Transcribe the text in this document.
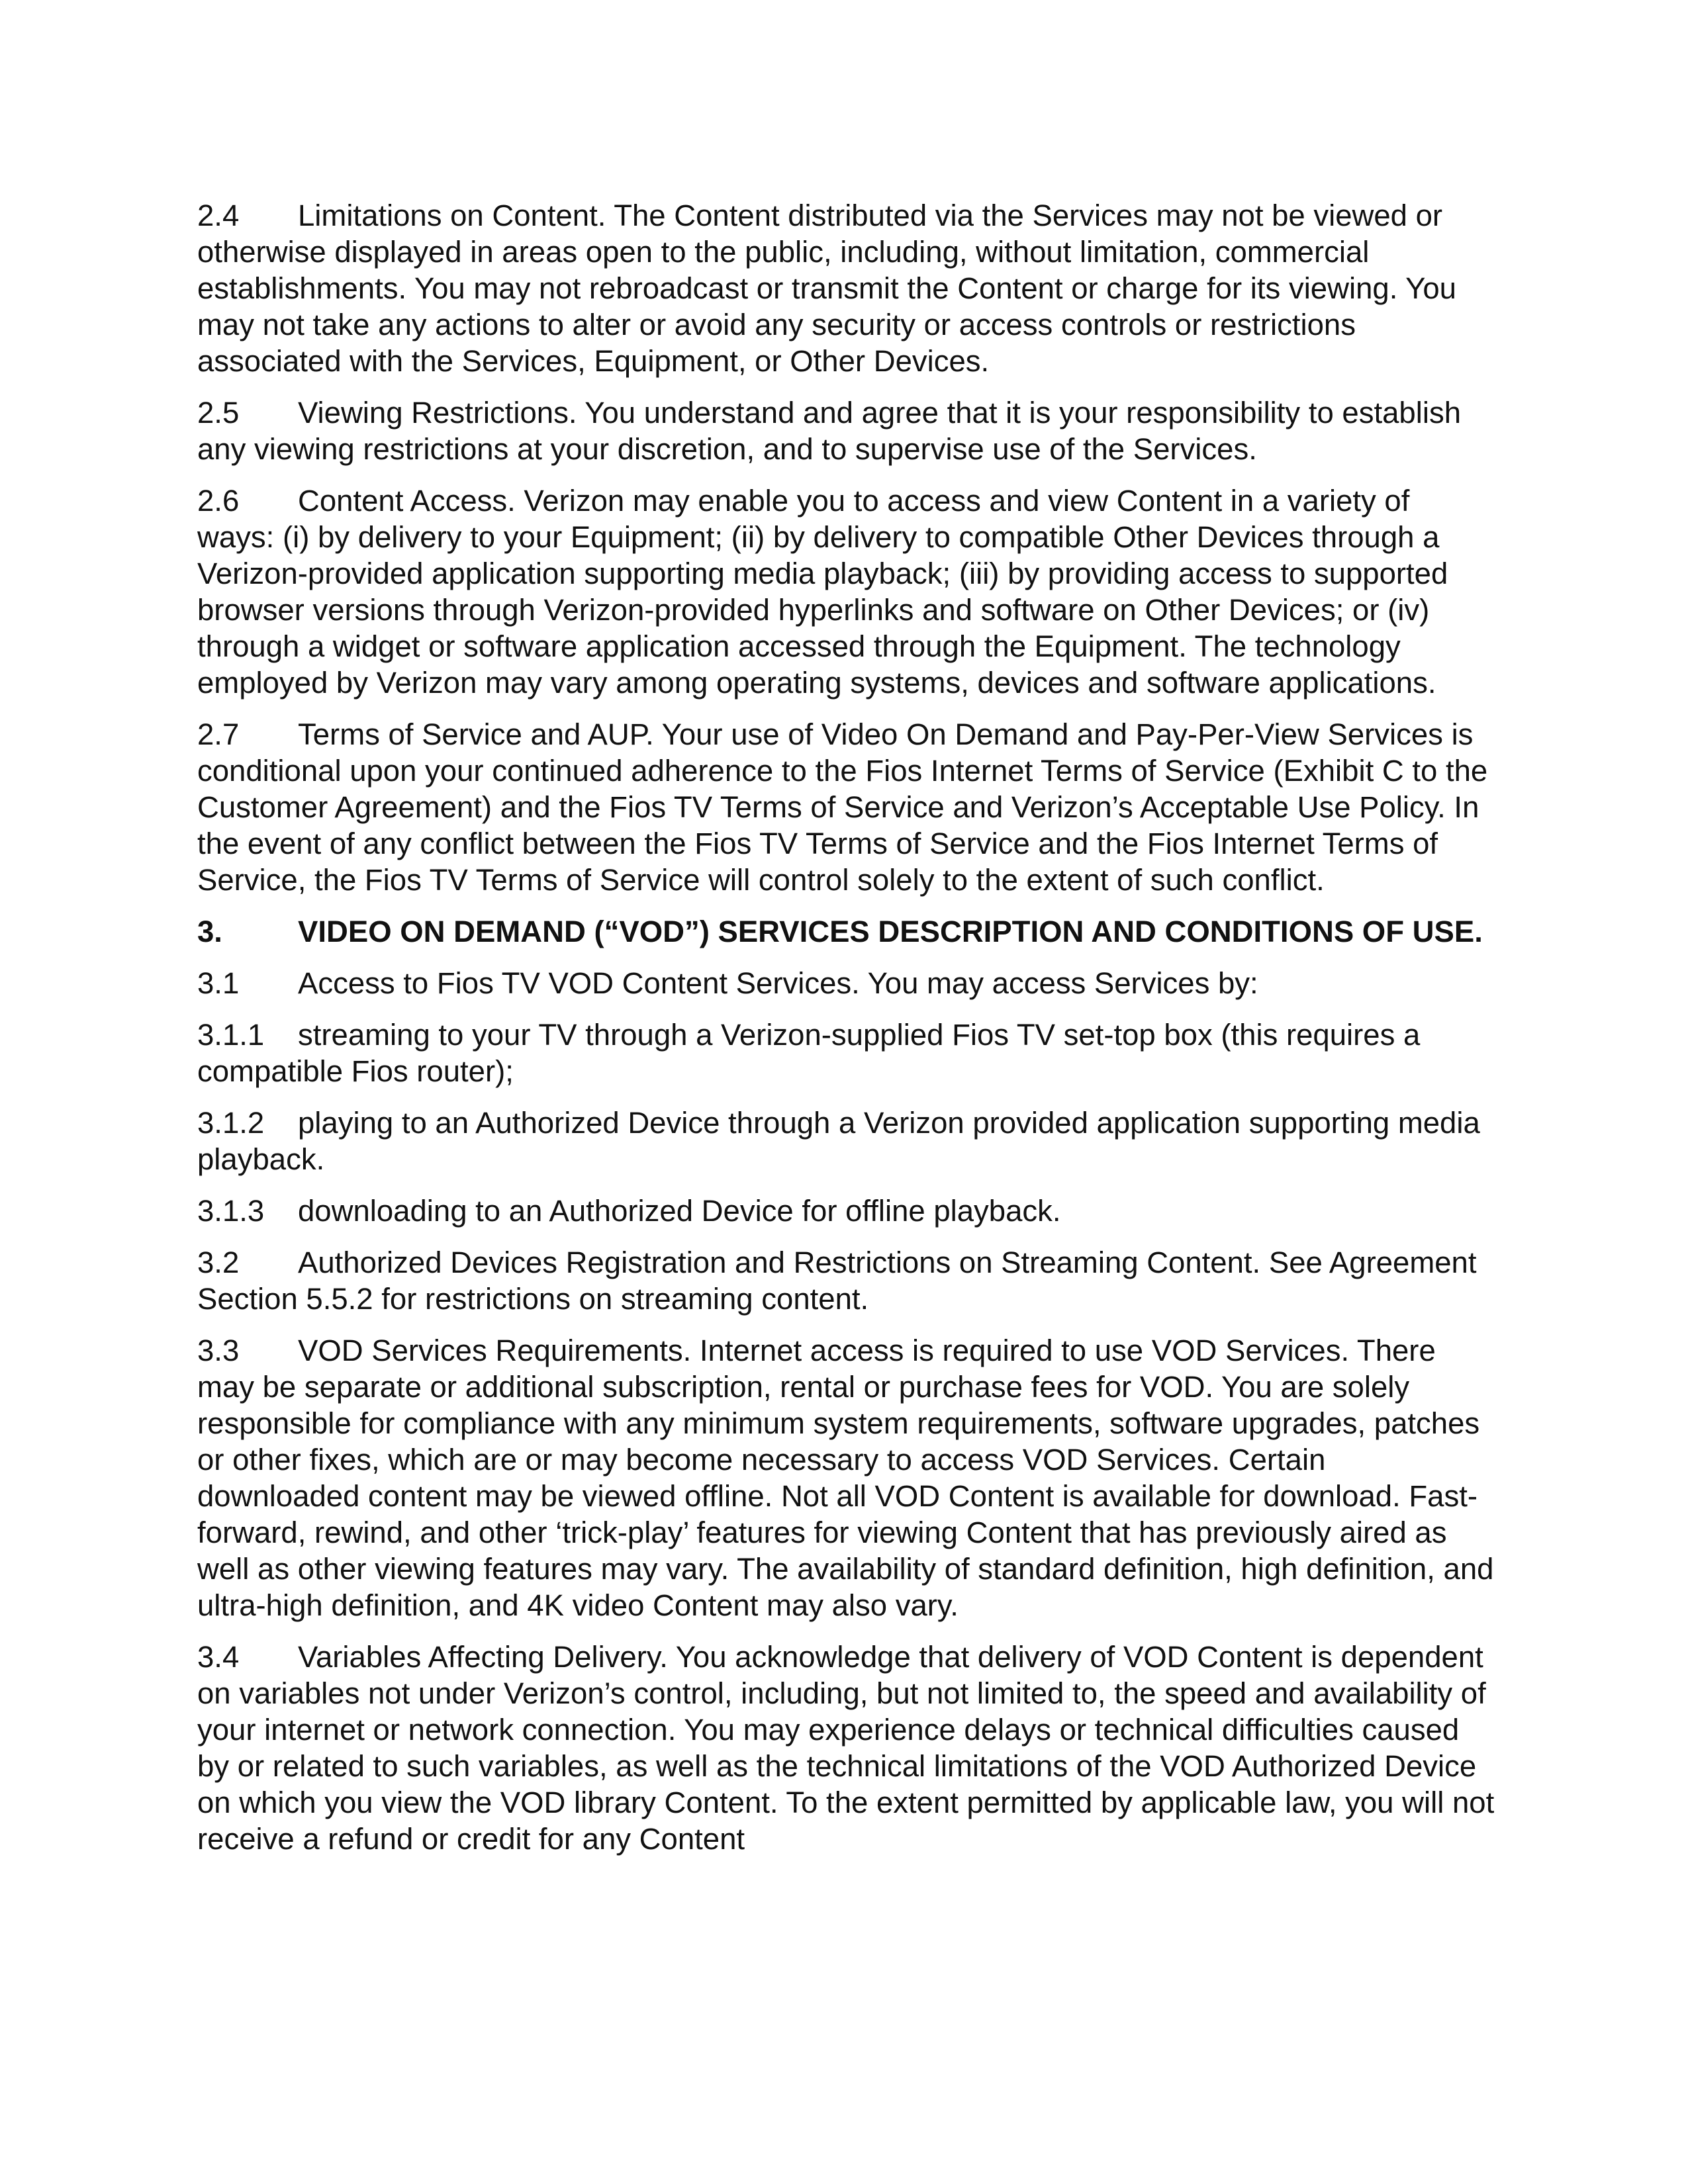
2.4 Limitations on Content. The Content distributed via the Services may not be viewed or otherwise displayed in areas open to the public, including, without limitation, commercial establishments. You may not rebroadcast or transmit the Content or charge for its viewing. You may not take any actions to alter or avoid any security or access controls or restrictions associated with the Services, Equipment, or Other Devices.

2.5 Viewing Restrictions. You understand and agree that it is your responsibility to establish any viewing restrictions at your discretion, and to supervise use of the Services.

2.6 Content Access. Verizon may enable you to access and view Content in a variety of ways: (i) by delivery to your Equipment; (ii) by delivery to compatible Other Devices through a Verizon-provided application supporting media playback; (iii) by providing access to supported browser versions through Verizon-provided hyperlinks and software on Other Devices; or (iv) through a widget or software application accessed through the Equipment. The technology employed by Verizon may vary among operating systems, devices and software applications.

2.7 Terms of Service and AUP. Your use of Video On Demand and Pay-Per-View Services is conditional upon your continued adherence to the Fios Internet Terms of Service (Exhibit C to the Customer Agreement) and the Fios TV Terms of Service and Verizon’s Acceptable Use Policy. In the event of any conflict between the Fios TV Terms of Service and the Fios Internet Terms of Service, the Fios TV Terms of Service will control solely to the extent of such conflict.

3.	VIDEO ON DEMAND (“VOD”) SERVICES DESCRIPTION AND CONDITIONS OF USE.

3.1 Access to Fios TV VOD Content Services. You may access Services by:

3.1.1 streaming to your TV through a Verizon-supplied Fios TV set-top box (this requires a compatible Fios router);

3.1.2 playing to an Authorized Device through a Verizon provided application supporting media playback.

3.1.3 downloading to an Authorized Device for offline playback.

3.2 Authorized Devices Registration and Restrictions on Streaming Content. See Agreement Section 5.5.2 for restrictions on streaming content.

3.3 VOD Services Requirements. Internet access is required to use VOD Services. There may be separate or additional subscription, rental or purchase fees for VOD. You are solely responsible for compliance with any minimum system requirements, software upgrades, patches or other fixes, which are or may become necessary to access VOD Services. Certain downloaded content may be viewed offline. Not all VOD Content is available for download. Fast-forward, rewind, and other ‘trick-play’ features for viewing Content that has previously aired as well as other viewing features may vary. The availability of standard definition, high definition, and ultra-high definition, and 4K video Content may also vary.

3.4 Variables Affecting Delivery. You acknowledge that delivery of VOD Content is dependent on variables not under Verizon’s control, including, but not limited to, the speed and availability of your internet or network connection. You may experience delays or technical difficulties caused by or related to such variables, as well as the technical limitations of the VOD Authorized Device on which you view the VOD library Content. To the extent permitted by applicable law, you will not receive a refund or credit for any Content
